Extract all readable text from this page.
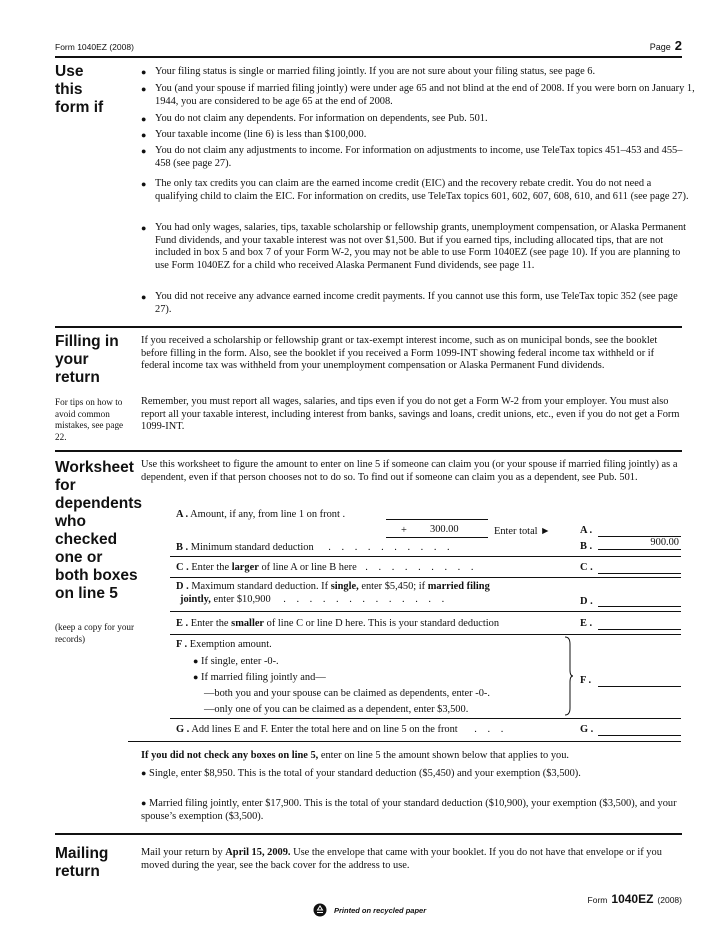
Form 1040EZ (2008)	Page 2
Use
this
form if
● Your filing status is single or married filing jointly. If you are not sure about your filing status, see page 6.
● You (and your spouse if married filing jointly) were under age 65 and not blind at the end of 2008. If you were born on January 1, 1944, you are considered to be age 65 at the end of 2008.
● You do not claim any dependents. For information on dependents, see Pub. 501.
● Your taxable income (line 6) is less than $100,000.
● You do not claim any adjustments to income. For information on adjustments to income, use TeleTax topics 451–453 and 455–458 (see page 27).
● The only tax credits you can claim are the earned income credit (EIC) and the recovery rebate credit. You do not need a qualifying child to claim the EIC. For information on credits, use TeleTax topics 601, 602, 607, 608, 610, and 611 (see page 27).
● You had only wages, salaries, tips, taxable scholarship or fellowship grants, unemployment compensation, or Alaska Permanent Fund dividends, and your taxable interest was not over $1,500. But if you earned tips, including allocated tips, that are not included in box 5 and box 7 of your Form W-2, you may not be able to use Form 1040EZ (see page 10). If you are planning to use Form 1040EZ for a child who received Alaska Permanent Fund dividends, see page 11.
● You did not receive any advance earned income credit payments. If you cannot use this form, use TeleTax topic 352 (see page 27).
Filling in
your
return
For tips on how to avoid common mistakes, see page 22.
If you received a scholarship or fellowship grant or tax-exempt interest income, such as on municipal bonds, see the booklet before filling in the form. Also, see the booklet if you received a Form 1099-INT showing federal income tax withheld or if federal income tax was withheld from your unemployment compensation or Alaska Permanent Fund dividends.
Remember, you must report all wages, salaries, and tips even if you do not get a Form W-2 from your employer. You must also report all your taxable interest, including interest from banks, savings and loans, credit unions, etc., even if you do not get a Form 1099-INT.
Worksheet
for
dependents
who
checked
one or
both boxes
on line 5
(keep a copy for your records)
Use this worksheet to figure the amount to enter on line 5 if someone can claim you (or your spouse if married filing jointly) as a dependent, even if that person chooses not to do so. To find out if someone can claim you as a dependent, see Pub. 501.
A . Amount, if any, from line 1 on front .
+ 300.00	Enter total ►	A .
B . Minimum standard deduction . . . . . . . . . .	B .	900.00
C . Enter the larger of line A or line B here . . . . . . . . .	C .
D . Maximum standard deduction. If single, enter $5,450; if married filing
jointly, enter $10,900 . . . . . . . . . . . . .	D .
E . Enter the smaller of line C or line D here. This is your standard deduction	E .
F . Exemption amount.
● If single, enter -0-.
● If married filing jointly and—
—both you and your spouse can be claimed as dependents, enter -0-.
—only one of you can be claimed as a dependent, enter $3,500.
F .
G . Add lines E and F. Enter the total here and on line 5 on the front . . .	G .
If you did not check any boxes on line 5, enter on line 5 the amount shown below that applies to you.
● Single, enter $8,950. This is the total of your standard deduction ($5,450) and your exemption ($3,500).
● Married filing jointly, enter $17,900. This is the total of your standard deduction ($10,900), your exemption ($3,500), and your spouse’s exemption ($3,500).
Mailing
return
Mail your return by April 15, 2009. Use the envelope that came with your booklet. If you do not have that envelope or if you moved during the year, see the back cover for the address to use.
Form 1040EZ (2008)
Printed on recycled paper
